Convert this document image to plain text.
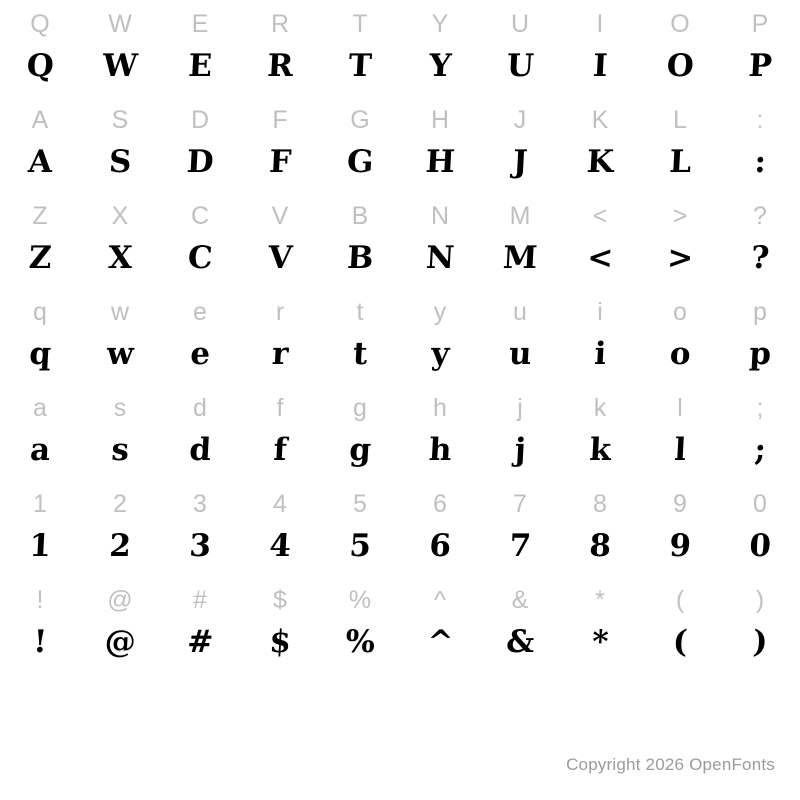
Q	W	E	R	T	Y	U	I	O	P
Q	W	E	R	T	Y	U	I	O	P
A	S	D	F	G	H	J	K	L	:
A	S	D	F	G	H	J	K	L	:
Z	X	C	V	B	N	M	<	>	?
Z	X	C	V	B	N	M	<	>	?
q	w	e	r	t	y	u	i	o	p
q	w	e	r	t	y	u	i	o	p
a	s	d	f	g	h	j	k	l	;
a	s	d	f	g	h	j	k	l	;
1	2	3	4	5	6	7	8	9	0
1	2	3	4	5	6	7	8	9	0
!	@	#	$	%	^	&	*	(	)
!	@	#	$	%	^	&	*	(	)
Copyright 2026 OpenFonts
